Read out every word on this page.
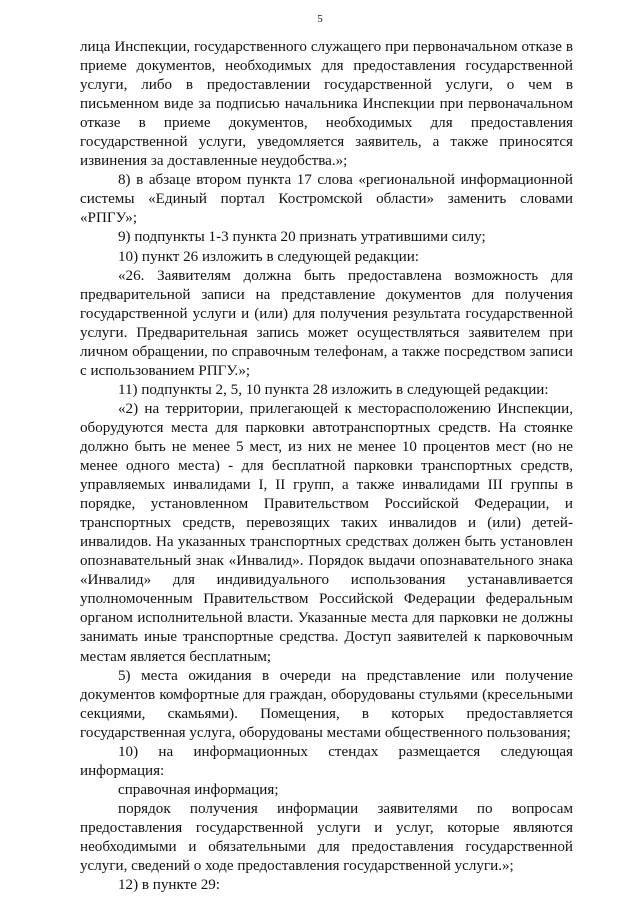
5

лица Инспекции, государственного служащего при первоначальном отказе в приеме документов, необходимых для предоставления государственной услуги, либо в предоставлении государственной услуги, о чем в письменном виде за подписью начальника Инспекции при первоначальном отказе в приеме документов, необходимых для предоставления государственной услуги, уведомляется заявитель, а также приносятся извинения за доставленные неудобства.»;

8) в абзаце втором пункта 17 слова «региональной информационной системы «Единый портал Костромской области» заменить словами «РПГУ»;

9) подпункты 1-3 пункта 20 признать утратившими силу;

10) пункт 26 изложить в следующей редакции:

«26. Заявителям должна быть предоставлена возможность для предварительной записи на представление документов для получения государственной услуги и (или) для получения результата государственной услуги. Предварительная запись может осуществляться заявителем при личном обращении, по справочным телефонам, а также посредством записи с использованием РПГУ.»;

11) подпункты 2, 5, 10 пункта 28 изложить в следующей редакции:

«2) на территории, прилегающей к месторасположению Инспекции, оборудуются места для парковки автотранспортных средств. На стоянке должно быть не менее 5 мест, из них не менее 10 процентов мест (но не менее одного места) - для бесплатной парковки транспортных средств, управляемых инвалидами I, II групп, а также инвалидами III группы в порядке, установленном Правительством Российской Федерации, и транспортных средств, перевозящих таких инвалидов и (или) детей-инвалидов. На указанных транспортных средствах должен быть установлен опознавательный знак «Инвалид». Порядок выдачи опознавательного знака «Инвалид» для индивидуального использования устанавливается уполномоченным Правительством Российской Федерации федеральным органом исполнительной власти. Указанные места для парковки не должны занимать иные транспортные средства. Доступ заявителей к парковочным местам является бесплатным;

5) места ожидания в очереди на представление или получение документов комфортные для граждан, оборудованы стульями (кресельными секциями, скамьями). Помещения, в которых предоставляется государственная услуга, оборудованы местами общественного пользования;

10) на информационных стендах размещается следующая информация:

справочная информация;

порядок получения информации заявителями по вопросам предоставления государственной услуги и услуг, которые являются необходимыми и обязательными для предоставления государственной услуги, сведений о ходе предоставления государственной услуги.»;

12) в пункте 29:
